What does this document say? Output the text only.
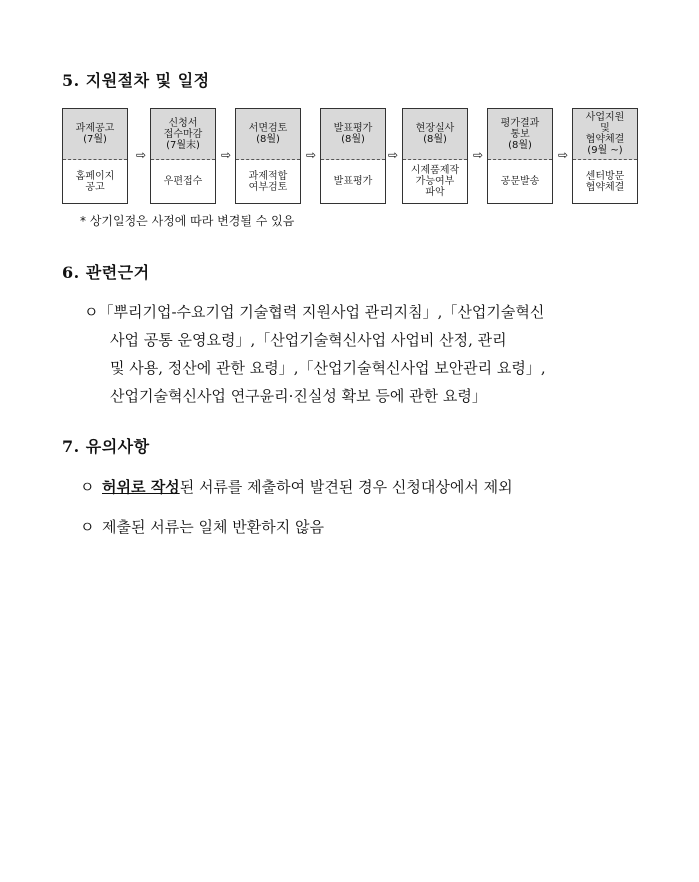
5. 지원절차 및 일정
과제공고
(7월)
홈페이지
공고
⇨
신청서
접수마감
(7월末)
우편접수
⇨
서면검토
(8월)
과제적합
여부검토
⇨
발표평가
(8월)
발표평가
⇨
현장실사
(8월)
시제품제작
가능여부
파악
⇨
평가결과
통보
(8월)
공문발송
⇨
사업지원
및
협약체결
(9월 ~)
센터방문
협약체결

* 상기일정은 사정에 따라 변경될 수 있음

6. 관련근거

ㅇ「뿌리기업-수요기업 기술협력 지원사업 관리지침」,「산업기술혁신
사업 공통 운영요령」,「산업기술혁신사업 사업비 산정, 관리
및 사용, 정산에 관한 요령」,「산업기술혁신사업 보안관리 요령」,
산업기술혁신사업 연구윤리·진실성 확보 등에 관한 요령」

7. 유의사항

ㅇ 허위로 작성된 서류를 제출하여 발견된 경우 신청대상에서 제외

ㅇ 제출된 서류는 일체 반환하지 않음
